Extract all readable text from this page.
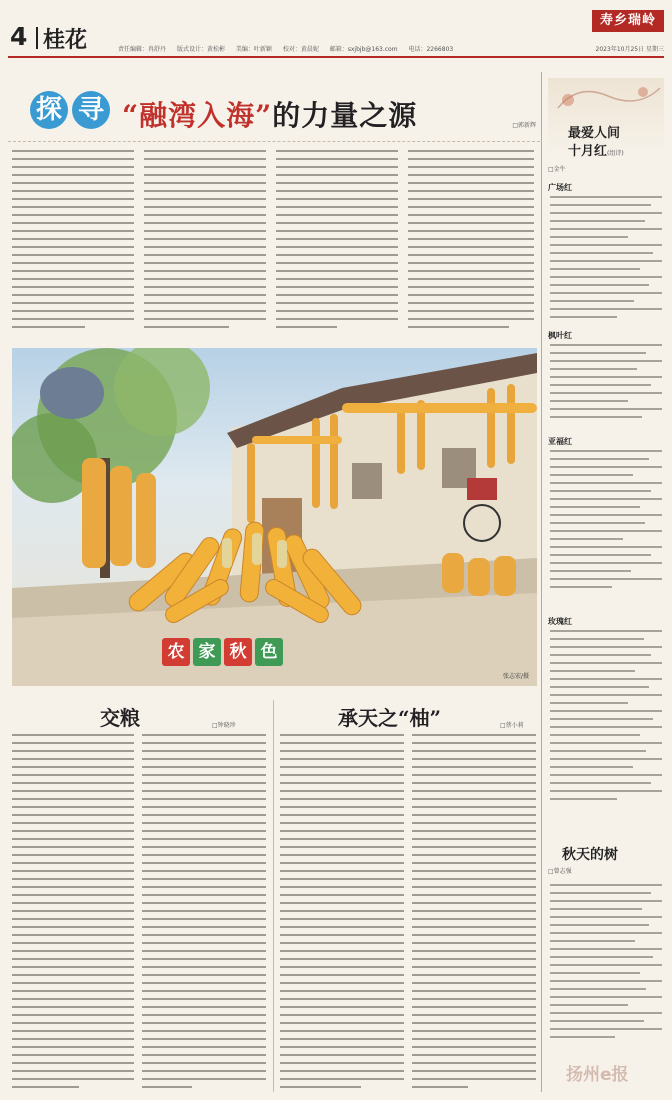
4 桂花	责任编辑：冉舒丹 版式设计：黄松彬 美编：叶新颖 校对：黄晨妮 邮箱：sxjbjb@163.com 电话：2266803
寿乡瑞岭
2023年10月25日 星期三
探 寻 “融湾入海”的力量之源	□郭新辉
农 家 秋 色
张志宏/摄
交粮	□钟晓珍	承天之“柚”	□蔡小莉
最爱人间
十月红(组诗)
□金牛
广场红
枫叶红
亚福红
玫瑰红
秋天的树
□曾志强
扬州e报
